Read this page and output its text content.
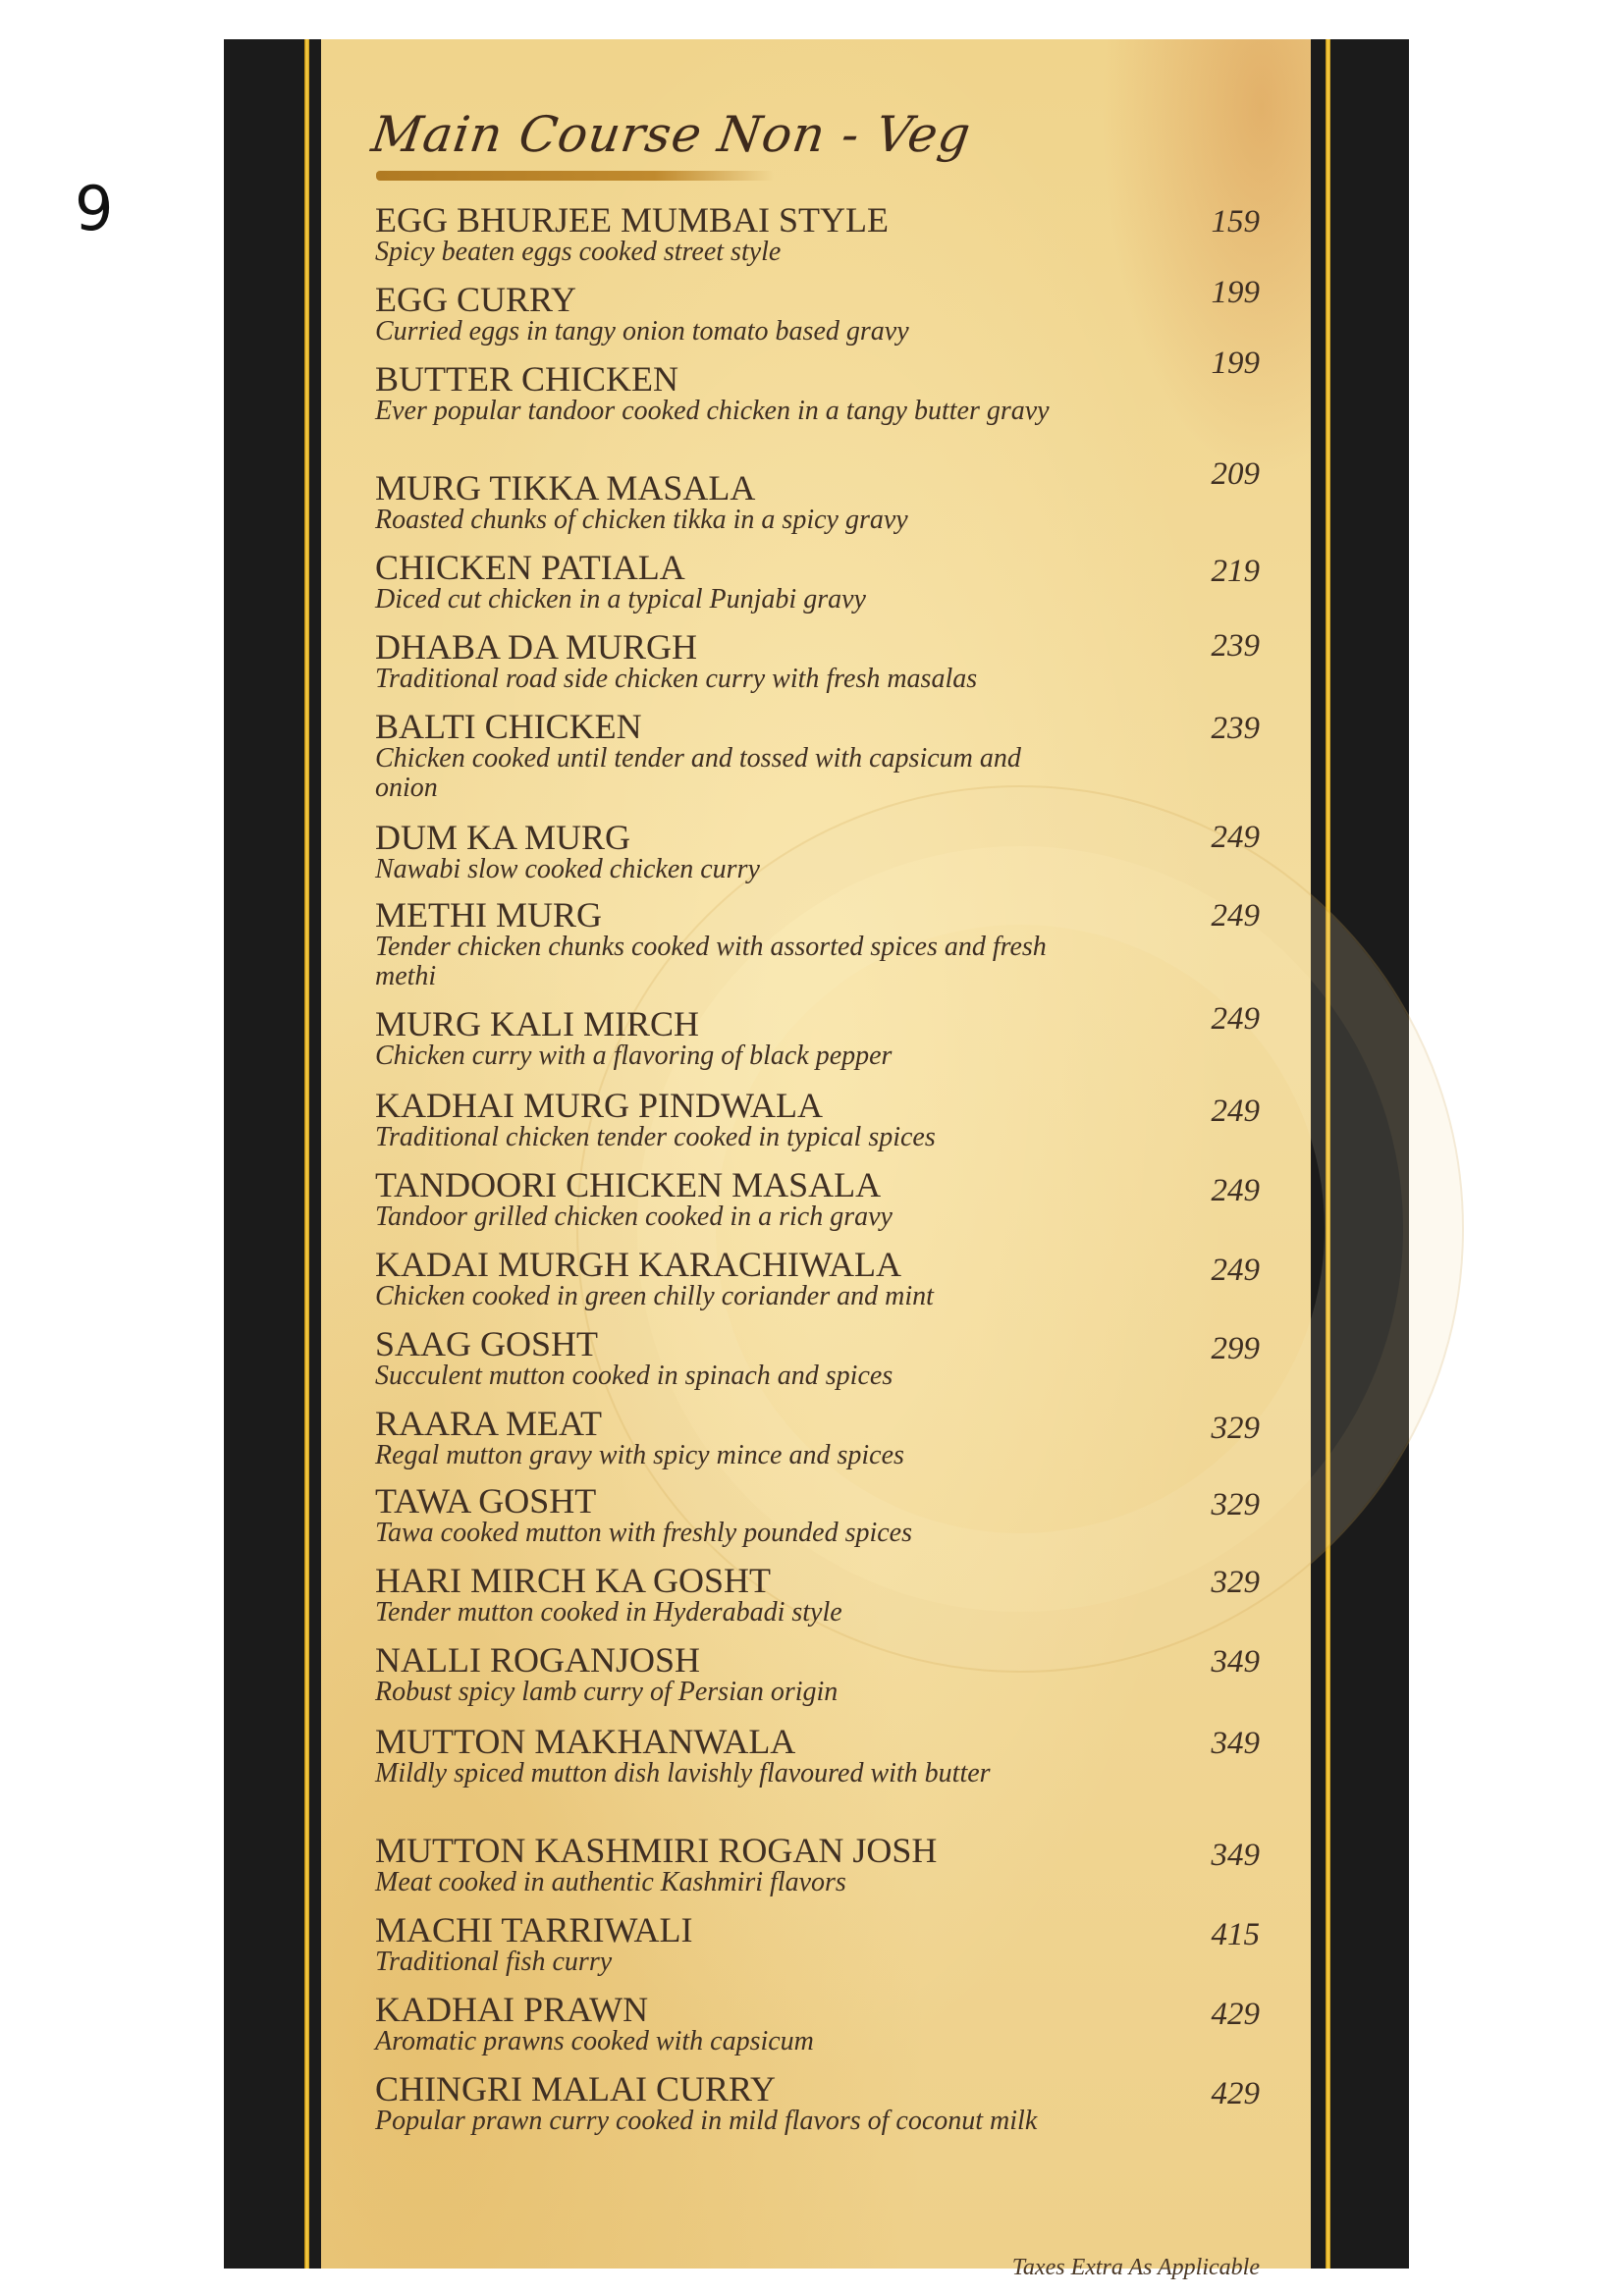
9
Main Course Non - Veg
EGG BHURJEE MUMBAI STYLE
Spicy beaten eggs cooked street style
159
EGG CURRY
Curried eggs in tangy onion tomato based gravy
199
BUTTER CHICKEN
Ever popular tandoor cooked chicken in a tangy butter gravy
199
MURG TIKKA MASALA
Roasted chunks of chicken tikka in a spicy gravy
209
CHICKEN PATIALA
Diced cut chicken in a typical Punjabi gravy
219
DHABA DA MURGH
Traditional road side chicken curry with fresh masalas
239
BALTI CHICKEN
Chicken cooked until tender and tossed with capsicum and onion
239
DUM KA MURG
Nawabi slow cooked chicken curry
249
METHI MURG
Tender chicken chunks cooked with assorted spices and fresh methi
249
MURG KALI MIRCH
Chicken curry with a flavoring of black pepper
249
KADHAI MURG PINDWALA
Traditional chicken tender cooked in typical spices
249
TANDOORI CHICKEN MASALA
Tandoor grilled chicken cooked in a rich gravy
249
KADAI MURGH KARACHIWALA
Chicken cooked in green chilly coriander and mint
249
SAAG GOSHT
Succulent mutton cooked in spinach and spices
299
RAARA MEAT
Regal mutton gravy with spicy mince and spices
329
TAWA GOSHT
Tawa cooked mutton with freshly pounded spices
329
HARI MIRCH KA GOSHT
Tender mutton cooked in Hyderabadi style
329
NALLI ROGANJOSH
Robust spicy lamb curry of Persian origin
349
MUTTON MAKHANWALA
Mildly spiced mutton dish lavishly flavoured with butter
349
MUTTON KASHMIRI ROGAN JOSH
Meat cooked in authentic Kashmiri flavors
349
MACHI TARRIWALI
Traditional fish curry
415
KADHAI PRAWN
Aromatic prawns cooked with capsicum
429
CHINGRI MALAI CURRY
Popular prawn curry cooked in mild flavors of coconut milk
429
Taxes Extra As Applicable
